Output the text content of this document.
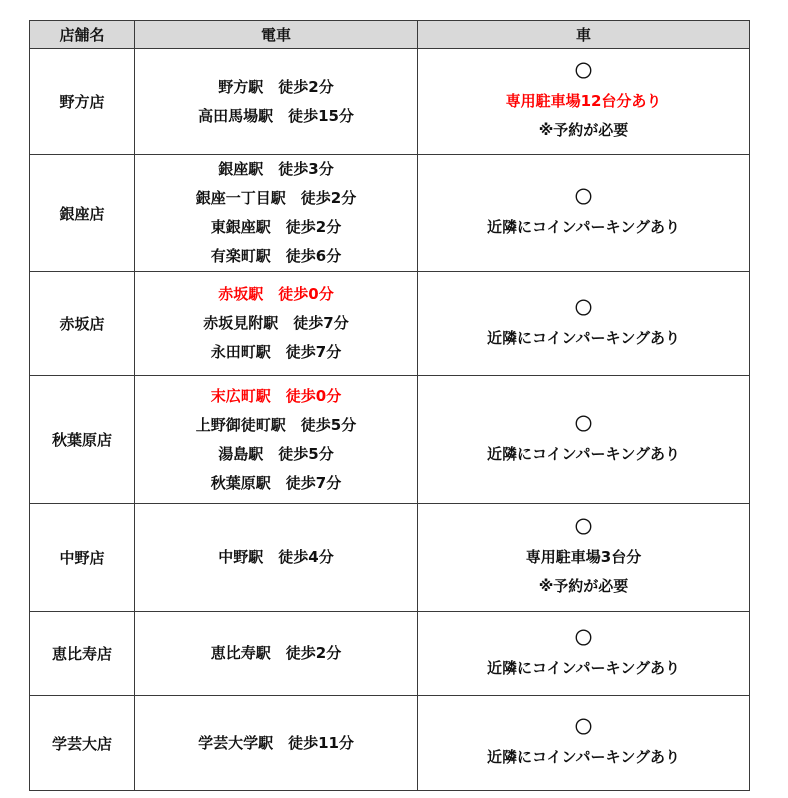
店舗名	電車	車
野方店	野方駅　徒歩2分
高田馬場駅　徒歩15分	〇
専用駐車場12台分あり
※予約が必要

銀座店	銀座駅　徒歩3分
銀座一丁目駅　徒歩2分
東銀座駅　徒歩2分
有楽町駅　徒歩6分	〇
近隣にコインパーキングあり

赤坂店	赤坂駅　徒歩0分
赤坂見附駅　徒歩7分
永田町駅　徒歩7分	〇
近隣にコインパーキングあり

秋葉原店	末広町駅　徒歩0分
上野御徒町駅　徒歩5分
湯島駅　徒歩5分
秋葉原駅　徒歩7分	〇
近隣にコインパーキングあり

中野店	中野駅　徒歩4分	〇
専用駐車場3台分
※予約が必要

恵比寿店	恵比寿駅　徒歩2分	〇
近隣にコインパーキングあり

学芸大店	学芸大学駅　徒歩11分	〇
近隣にコインパーキングあり
